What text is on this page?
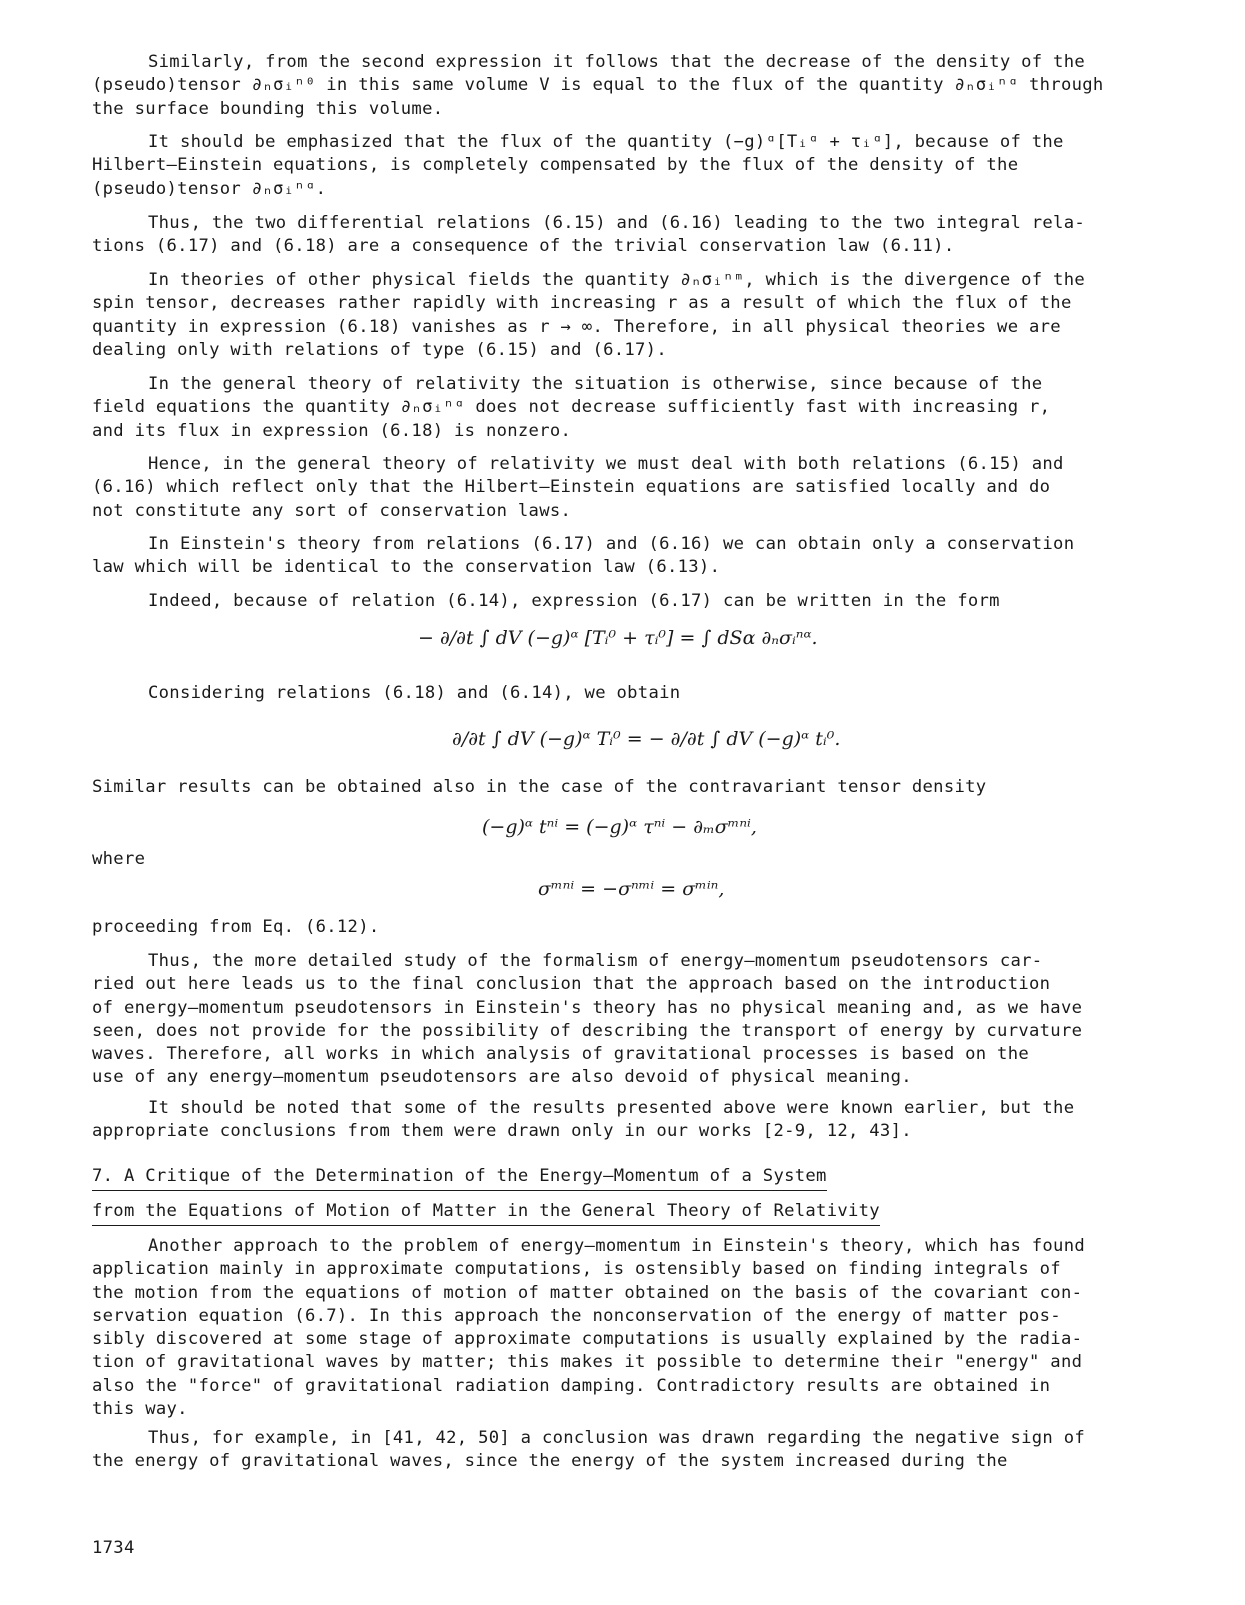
Similarly, from the second expression it follows that the decrease of the density of the
(pseudo)tensor ∂ₙσᵢⁿ⁰ in this same volume V is equal to the flux of the quantity ∂ₙσᵢⁿᵅ through
the surface bounding this volume.

It should be emphasized that the flux of the quantity (−g)ᵅ[Tᵢᵅ + τᵢᵅ], because of the
Hilbert—Einstein equations, is completely compensated by the flux of the density of the
(pseudo)tensor ∂ₙσᵢⁿᵅ.

Thus, the two differential relations (6.15) and (6.16) leading to the two integral rela-
tions (6.17) and (6.18) are a consequence of the trivial conservation law (6.11).

In theories of other physical fields the quantity ∂ₙσᵢⁿᵐ, which is the divergence of the
spin tensor, decreases rather rapidly with increasing r as a result of which the flux of the
quantity in expression (6.18) vanishes as r → ∞. Therefore, in all physical theories we are
dealing only with relations of type (6.15) and (6.17).

In the general theory of relativity the situation is otherwise, since because of the
field equations the quantity ∂ₙσᵢⁿᵅ does not decrease sufficiently fast with increasing r,
and its flux in expression (6.18) is nonzero.

Hence, in the general theory of relativity we must deal with both relations (6.15) and
(6.16) which reflect only that the Hilbert—Einstein equations are satisfied locally and do
not constitute any sort of conservation laws.

In Einstein's theory from relations (6.17) and (6.16) we can obtain only a conservation
law which will be identical to the conservation law (6.13).

Indeed, because of relation (6.14), expression (6.17) can be written in the form

− ∂/∂t ∫ dV (−g)ᵅ [Tᵢ⁰ + τᵢ⁰] = ∫ dSα ∂ₙσᵢⁿᵅ.

Considering relations (6.18) and (6.14), we obtain

∂/∂t ∫ dV (−g)ᵅ Tᵢ⁰ = − ∂/∂t ∫ dV (−g)ᵅ tᵢ⁰.

Similar results can be obtained also in the case of the contravariant tensor density

(−g)ᵅ tⁿⁱ = (−g)ᵅ τⁿⁱ − ∂ₘσᵐⁿⁱ,

where

σᵐⁿⁱ = −σⁿᵐⁱ = σᵐⁱⁿ,

proceeding from Eq. (6.12).

Thus, the more detailed study of the formalism of energy—momentum pseudotensors car-
ried out here leads us to the final conclusion that the approach based on the introduction
of energy—momentum pseudotensors in Einstein's theory has no physical meaning and, as we have
seen, does not provide for the possibility of describing the transport of energy by curvature
waves. Therefore, all works in which analysis of gravitational processes is based on the
use of any energy—momentum pseudotensors are also devoid of physical meaning.

It should be noted that some of the results presented above were known earlier, but the
appropriate conclusions from them were drawn only in our works [2-9, 12, 43].

7. A Critique of the Determination of the Energy—Momentum of a System
from the Equations of Motion of Matter in the General Theory of Relativity

Another approach to the problem of energy—momentum in Einstein's theory, which has found
application mainly in approximate computations, is ostensibly based on finding integrals of
the motion from the equations of motion of matter obtained on the basis of the covariant con-
servation equation (6.7). In this approach the nonconservation of the energy of matter pos-
sibly discovered at some stage of approximate computations is usually explained by the radia-
tion of gravitational waves by matter; this makes it possible to determine their "energy" and
also the "force" of gravitational radiation damping. Contradictory results are obtained in
this way.

Thus, for example, in [41, 42, 50] a conclusion was drawn regarding the negative sign of
the energy of gravitational waves, since the energy of the system increased during the

1734
